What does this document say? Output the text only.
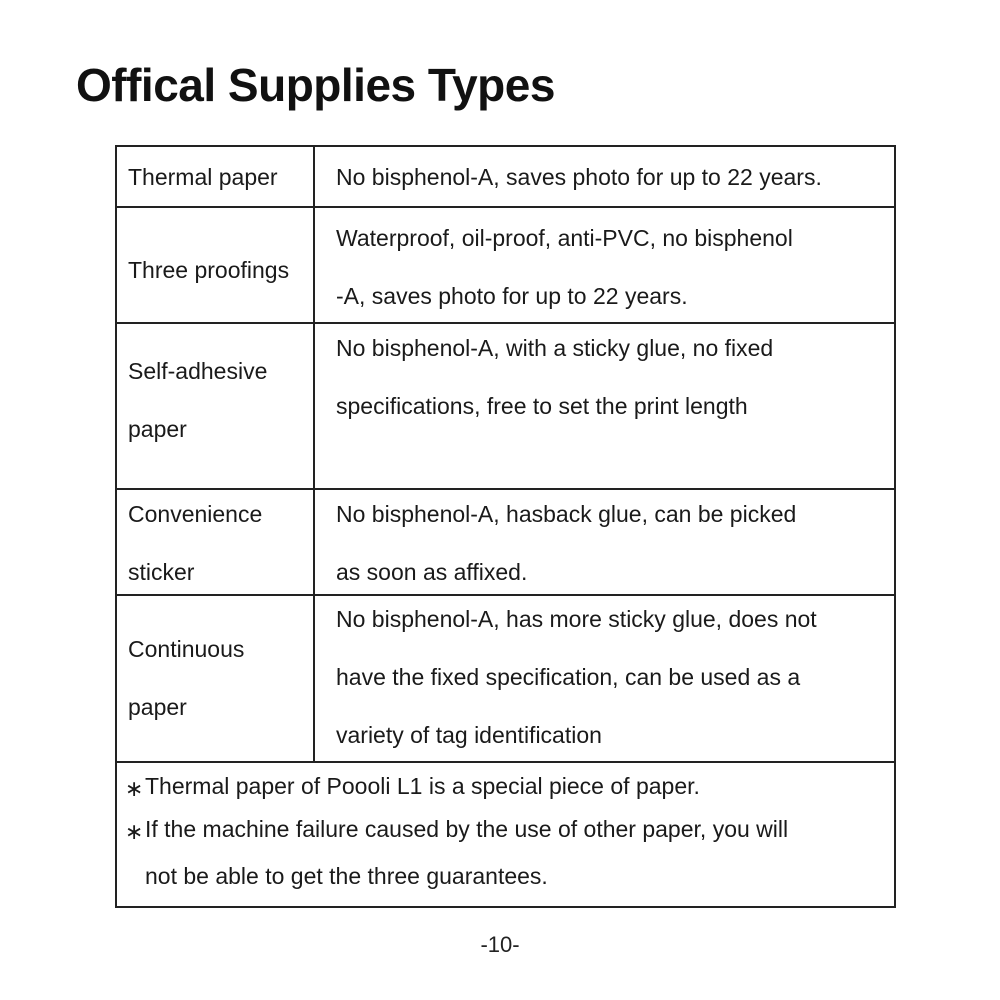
Offical Supplies Types
Thermal paper	No bisphenol-A, saves photo for up to 22 years.
Three proofings
Waterproof, oil-proof, anti-PVC, no bisphenol
-A, saves photo for up to 22 years.
Self-adhesive
paper
No bisphenol-A, with a sticky glue, no fixed
specifications, free to set the print length
Convenience
sticker
No bisphenol-A, hasback glue, can be picked
as soon as affixed.
Continuous
paper
No bisphenol-A, has more sticky glue, does not
have the fixed specification, can be used as a
variety of tag identification
∗ Thermal paper of Poooli L1 is a special piece of paper.
∗ If the machine failure caused by the use of other paper, you will
not be able to get the three guarantees.
-10-
